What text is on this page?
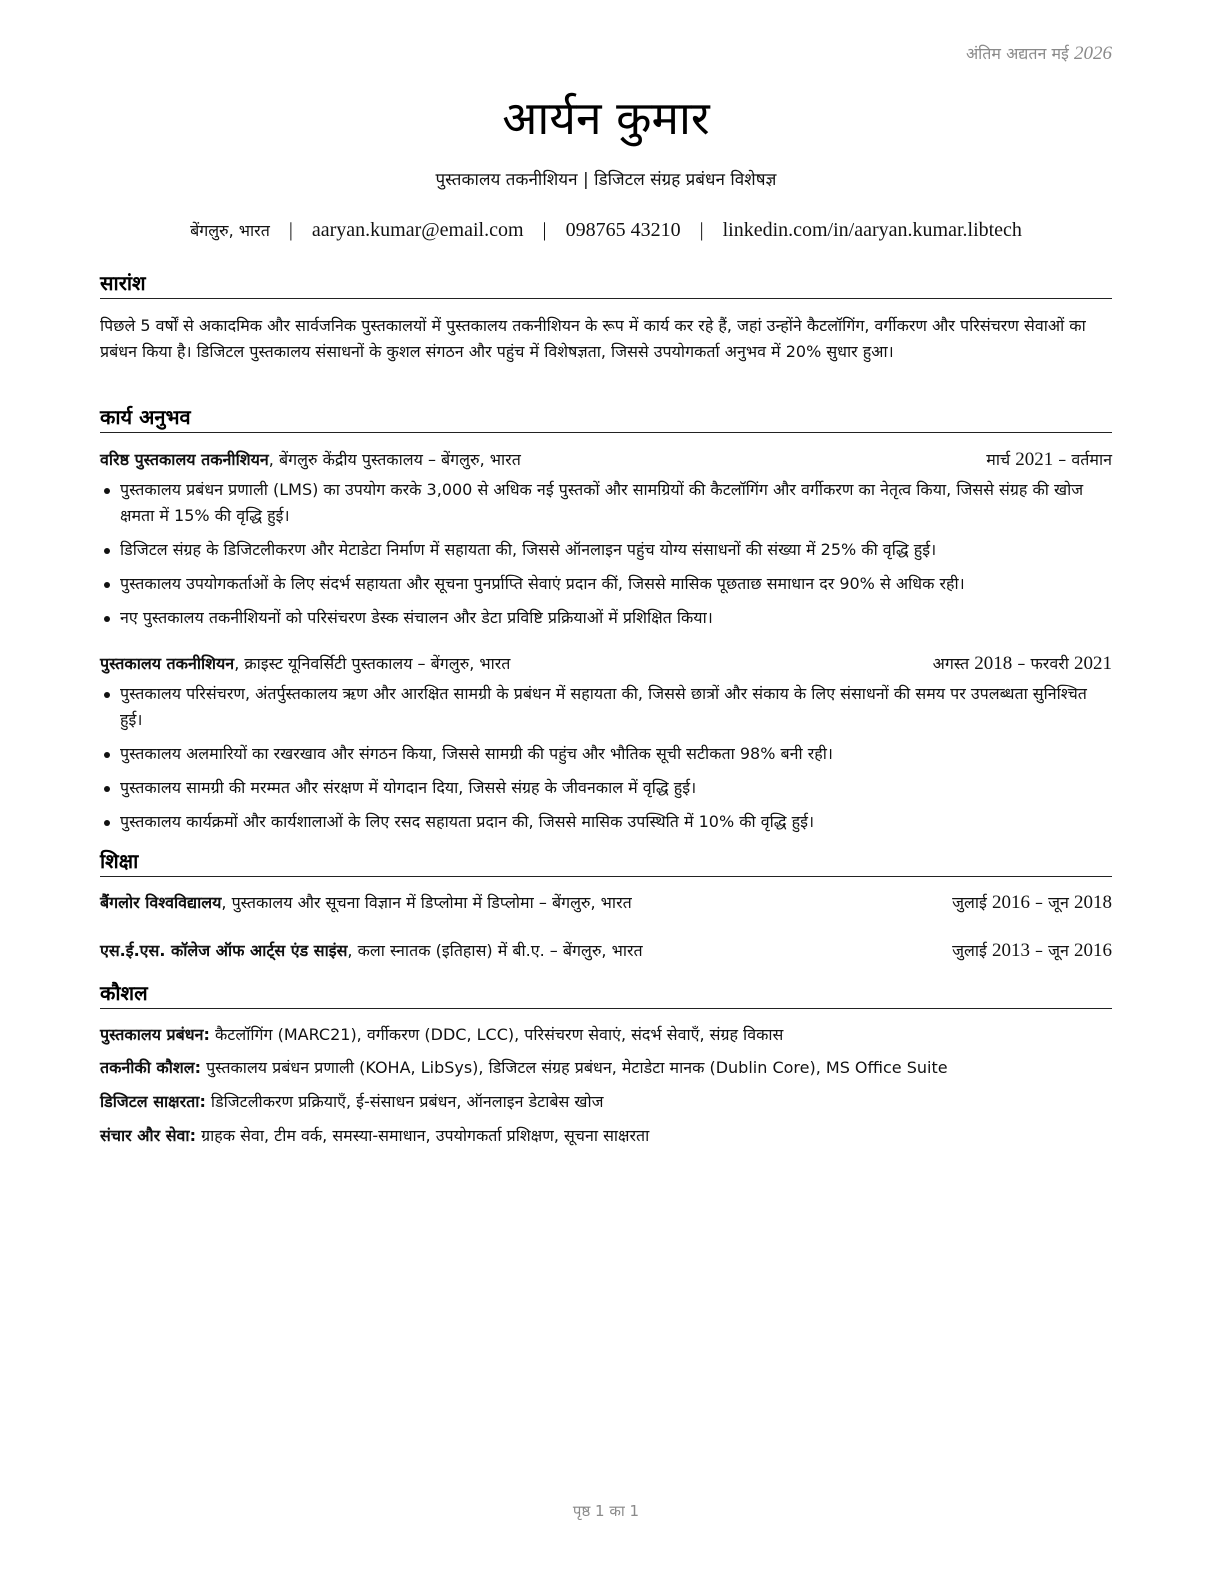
अंतिम अद्यतन मई 2026
आर्यन कुमार
पुस्तकालय तकनीशियन | डिजिटल संग्रह प्रबंधन विशेषज्ञ
बेंगलुरु, भारत | aaryan.kumar@email.com | 098765 43210 | linkedin.com/in/aaryan.kumar.libtech
सारांश
पिछले 5 वर्षों से अकादमिक और सार्वजनिक पुस्तकालयों में पुस्तकालय तकनीशियन के रूप में कार्य कर रहे हैं, जहां उन्होंने कैटलॉगिंग, वर्गीकरण और परिसंचरण सेवाओं का प्रबंधन किया है। डिजिटल पुस्तकालय संसाधनों के कुशल संगठन और पहुंच में विशेषज्ञता, जिससे उपयोगकर्ता अनुभव में 20% सुधार हुआ।
कार्य अनुभव
वरिष्ठ पुस्तकालय तकनीशियन, बेंगलुरु केंद्रीय पुस्तकालय – बेंगलुरु, भारत	मार्च 2021 – वर्तमान
पुस्तकालय प्रबंधन प्रणाली (LMS) का उपयोग करके 3,000 से अधिक नई पुस्तकों और सामग्रियों की कैटलॉगिंग और वर्गीकरण का नेतृत्व किया, जिससे संग्रह की खोज क्षमता में 15% की वृद्धि हुई।
डिजिटल संग्रह के डिजिटलीकरण और मेटाडेटा निर्माण में सहायता की, जिससे ऑनलाइन पहुंच योग्य संसाधनों की संख्या में 25% की वृद्धि हुई।
पुस्तकालय उपयोगकर्ताओं के लिए संदर्भ सहायता और सूचना पुनर्प्राप्ति सेवाएं प्रदान कीं, जिससे मासिक पूछताछ समाधान दर 90% से अधिक रही।
नए पुस्तकालय तकनीशियनों को परिसंचरण डेस्क संचालन और डेटा प्रविष्टि प्रक्रियाओं में प्रशिक्षित किया।
पुस्तकालय तकनीशियन, क्राइस्ट यूनिवर्सिटी पुस्तकालय – बेंगलुरु, भारत	अगस्त 2018 – फरवरी 2021
पुस्तकालय परिसंचरण, अंतर्पुस्तकालय ऋण और आरक्षित सामग्री के प्रबंधन में सहायता की, जिससे छात्रों और संकाय के लिए संसाधनों की समय पर उपलब्धता सुनिश्चित हुई।
पुस्तकालय अलमारियों का रखरखाव और संगठन किया, जिससे सामग्री की पहुंच और भौतिक सूची सटीकता 98% बनी रही।
पुस्तकालय सामग्री की मरम्मत और संरक्षण में योगदान दिया, जिससे संग्रह के जीवनकाल में वृद्धि हुई।
पुस्तकालय कार्यक्रमों और कार्यशालाओं के लिए रसद सहायता प्रदान की, जिससे मासिक उपस्थिति में 10% की वृद्धि हुई।
शिक्षा
बैंगलोर विश्वविद्यालय, पुस्तकालय और सूचना विज्ञान में डिप्लोमा में डिप्लोमा – बेंगलुरु, भारत	जुलाई 2016 – जून 2018
एस.ई.एस. कॉलेज ऑफ आर्ट्स एंड साइंस, कला स्नातक (इतिहास) में बी.ए. – बेंगलुरु, भारत	जुलाई 2013 – जून 2016
कौशल
पुस्तकालय प्रबंधन: कैटलॉगिंग (MARC21), वर्गीकरण (DDC, LCC), परिसंचरण सेवाएं, संदर्भ सेवाएँ, संग्रह विकास
तकनीकी कौशल: पुस्तकालय प्रबंधन प्रणाली (KOHA, LibSys), डिजिटल संग्रह प्रबंधन, मेटाडेटा मानक (Dublin Core), MS Office Suite
डिजिटल साक्षरता: डिजिटलीकरण प्रक्रियाएँ, ई-संसाधन प्रबंधन, ऑनलाइन डेटाबेस खोज
संचार और सेवा: ग्राहक सेवा, टीम वर्क, समस्या-समाधान, उपयोगकर्ता प्रशिक्षण, सूचना साक्षरता
पृष्ठ 1 का 1
